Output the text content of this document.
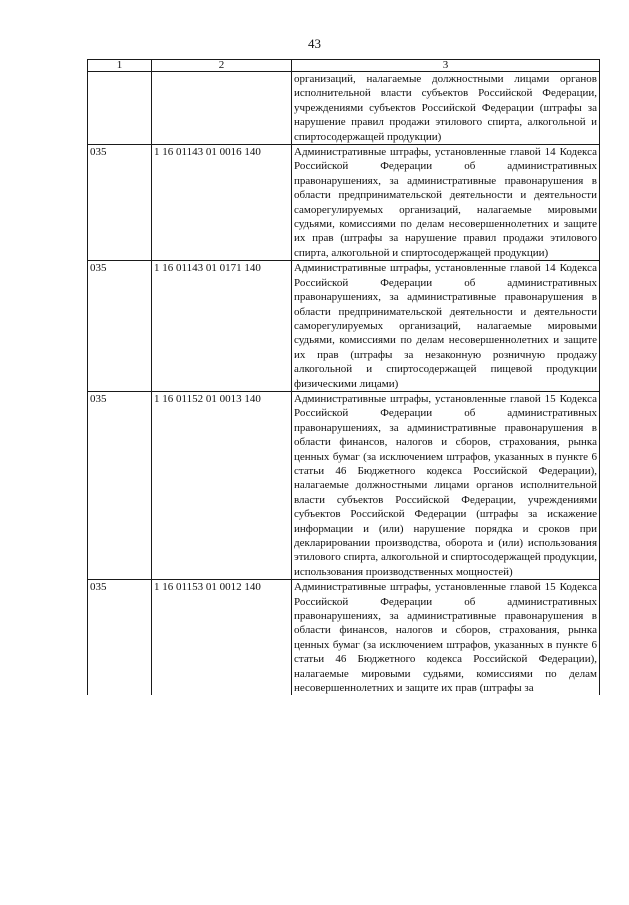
43
1	2	3
		организаций, налагаемые должностными лицами органов исполнительной власти субъектов Российской Федерации, учреждениями субъектов Российской Федерации (штрафы за нарушение правил продажи этилового спирта, алкогольной и спиртосодержащей продукции)
035	1 16 01143 01 0016 140	Административные штрафы, установленные главой 14 Кодекса Российской Федерации об административных правонарушениях, за административные правонарушения в области предпринимательской деятельности и деятельности саморегулируемых организаций, налагаемые мировыми судьями, комиссиями по делам несовершеннолетних и защите их прав (штрафы за нарушение правил продажи этилового спирта, алкогольной и спиртосодержащей продукции)
035	1 16 01143 01 0171 140	Административные штрафы, установленные главой 14 Кодекса Российской Федерации об административных правонарушениях, за административные правонарушения в области предпринимательской деятельности и деятельности саморегулируемых организаций, налагаемые мировыми судьями, комиссиями по делам несовершеннолетних и защите их прав (штрафы за незаконную розничную продажу алкогольной и спиртосодержащей пищевой продукции физическими лицами)
035	1 16 01152 01 0013 140	Административные штрафы, установленные главой 15 Кодекса Российской Федерации об административных правонарушениях, за административные правонарушения в области финансов, налогов и сборов, страхования, рынка ценных бумаг (за исключением штрафов, указанных в пункте 6 статьи 46 Бюджетного кодекса Российской Федерации), налагаемые должностными лицами органов исполнительной власти субъектов Российской Федерации, учреждениями субъектов Российской Федерации (штрафы за искажение информации и (или) нарушение порядка и сроков при декларировании производства, оборота и (или) использования этилового спирта, алкогольной и спиртосодержащей продукции, использования производственных мощностей)
035	1 16 01153 01 0012 140	Административные штрафы, установленные главой 15 Кодекса Российской Федерации об административных правонарушениях, за административные правонарушения в области финансов, налогов и сборов, страхования, рынка ценных бумаг (за исключением штрафов, указанных в пункте 6 статьи 46 Бюджетного кодекса Российской Федерации), налагаемые мировыми судьями, комиссиями по делам несовершеннолетних и защите их прав (штрафы за
